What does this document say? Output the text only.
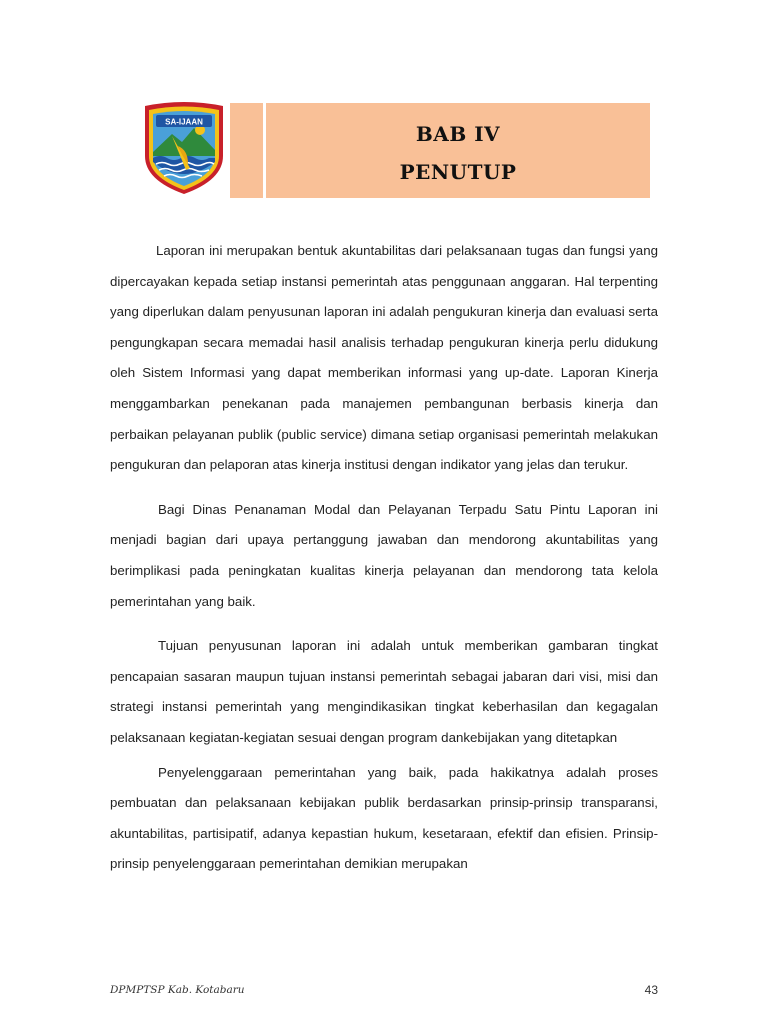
SA-IJAAN	BAB IV
PENUTUP

Laporan ini merupakan bentuk akuntabilitas dari pelaksanaan tugas dan fungsi yang dipercayakan kepada setiap instansi pemerintah atas penggunaan anggaran. Hal terpenting yang diperlukan dalam penyusunan laporan ini adalah pengukuran kinerja dan evaluasi serta pengungkapan secara memadai hasil analisis terhadap pengukuran kinerja perlu didukung oleh Sistem Informasi yang dapat memberikan informasi yang up-date. Laporan Kinerja menggambarkan penekanan pada manajemen pembangunan berbasis kinerja dan perbaikan pelayanan publik (public service) dimana setiap organisasi pemerintah melakukan pengukuran dan pelaporan atas kinerja institusi dengan indikator yang jelas dan terukur.

Bagi Dinas Penanaman Modal dan Pelayanan Terpadu Satu Pintu Laporan ini menjadi bagian dari upaya pertanggung jawaban dan mendorong akuntabilitas yang berimplikasi pada peningkatan kualitas kinerja pelayanan dan mendorong tata kelola pemerintahan yang baik.

Tujuan penyusunan laporan ini adalah untuk memberikan gambaran tingkat pencapaian sasaran maupun tujuan instansi pemerintah sebagai jabaran dari visi, misi dan strategi instansi pemerintah yang mengindikasikan tingkat keberhasilan dan kegagalan pelaksanaan kegiatan-kegiatan sesuai dengan program dankebijakan yang ditetapkan

Penyelenggaraan pemerintahan yang baik, pada hakikatnya adalah proses pembuatan dan pelaksanaan kebijakan publik berdasarkan prinsip-prinsip transparansi, akuntabilitas, partisipatif, adanya kepastian hukum, kesetaraan, efektif dan efisien. Prinsip-prinsip penyelenggaraan pemerintahan demikian merupakan

DPMPTSP Kab. Kotabaru	43
